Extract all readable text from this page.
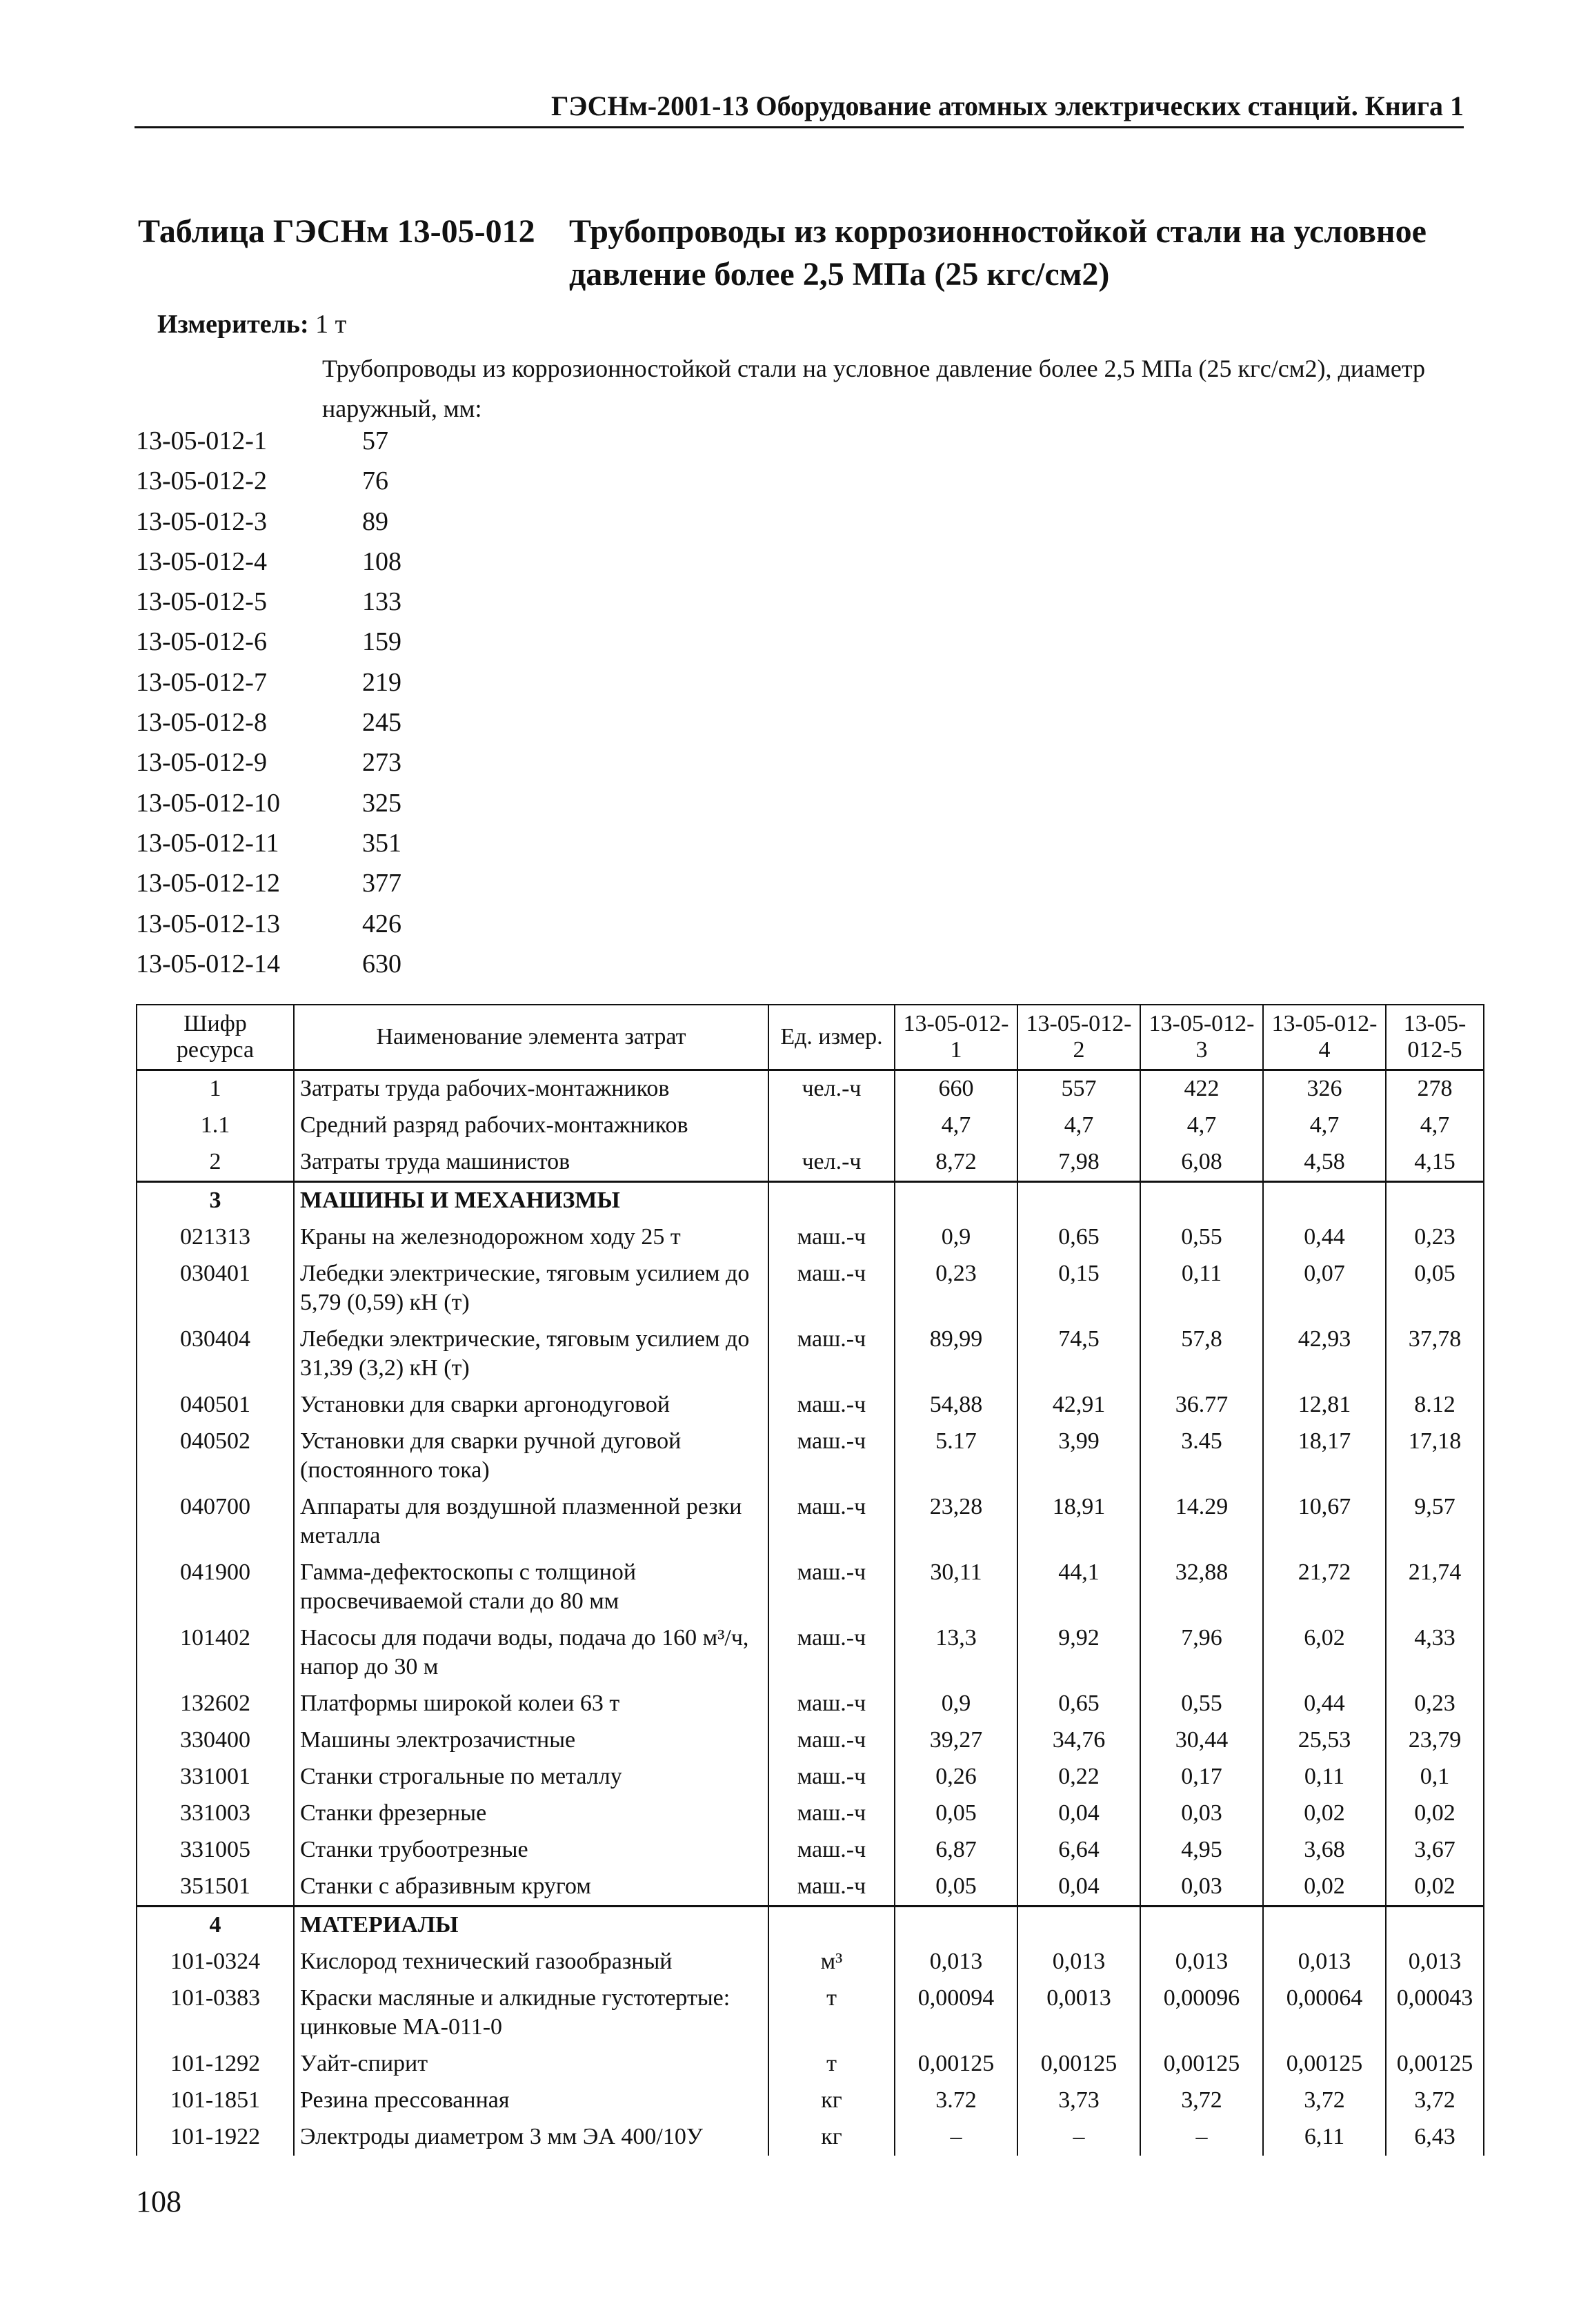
ГЭСНм-2001-13 Оборудование атомных электрических станций. Книга 1
Таблица ГЭСНм 13-05-012 Трубопроводы из коррозионностойкой стали на условное давление более 2,5 МПа (25 кгс/см2)
Измеритель: 1 т
Трубопроводы из коррозионностойкой стали на условное давление более 2,5 МПа (25 кгс/см2), диаметр наружный, мм:
13-05-012-1	57
13-05-012-2	76
13-05-012-3	89
13-05-012-4	108
13-05-012-5	133
13-05-012-6	159
13-05-012-7	219
13-05-012-8	245
13-05-012-9	273
13-05-012-10	325
13-05-012-11	351
13-05-012-12	377
13-05-012-13	426
13-05-012-14	630
Шифр ресурса	Наименование элемента затрат	Ед. измер.	13-05-012-1	13-05-012-2	13-05-012-3	13-05-012-4	13-05-012-5
1	Затраты труда рабочих-монтажников	чел.-ч	660	557	422	326	278
1.1	Средний разряд рабочих-монтажников		4,7	4,7	4,7	4,7	4,7
2	Затраты труда машинистов	чел.-ч	8,72	7,98	6,08	4,58	4,15
3	МАШИНЫ И МЕХАНИЗМЫ						
021313	Краны на железнодорожном ходу 25 т	маш.-ч	0,9	0,65	0,55	0,44	0,23
030401	Лебедки электрические, тяговым усилием до 5,79 (0,59) кН (т)	маш.-ч	0,23	0,15	0,11	0,07	0,05
030404	Лебедки электрические, тяговым усилием до 31,39 (3,2) кН (т)	маш.-ч	89,99	74,5	57,8	42,93	37,78
040501	Установки для сварки аргонодуговой	маш.-ч	54,88	42,91	36.77	12,81	8.12
040502	Установки для сварки ручной дуговой (постоянного тока)	маш.-ч	5.17	3,99	3.45	18,17	17,18
040700	Аппараты для воздушной плазменной резки металла	маш.-ч	23,28	18,91	14.29	10,67	9,57
041900	Гамма-дефектоскопы с толщиной просвечиваемой стали до 80 мм	маш.-ч	30,11	44,1	32,88	21,72	21,74
101402	Насосы для подачи воды, подача до 160 м³/ч, напор до 30 м	маш.-ч	13,3	9,92	7,96	6,02	4,33
132602	Платформы широкой колеи 63 т	маш.-ч	0,9	0,65	0,55	0,44	0,23
330400	Машины электрозачистные	маш.-ч	39,27	34,76	30,44	25,53	23,79
331001	Станки строгальные по металлу	маш.-ч	0,26	0,22	0,17	0,11	0,1
331003	Станки фрезерные	маш.-ч	0,05	0,04	0,03	0,02	0,02
331005	Станки трубоотрезные	маш.-ч	6,87	6,64	4,95	3,68	3,67
351501	Станки с абразивным кругом	маш.-ч	0,05	0,04	0,03	0,02	0,02
4	МАТЕРИАЛЫ						
101-0324	Кислород технический газообразный	м³	0,013	0,013	0,013	0,013	0,013
101-0383	Краски масляные и алкидные густотертые: цинковые МА-011-0	т	0,00094	0,0013	0,00096	0,00064	0,00043
101-1292	Уайт-спирит	т	0,00125	0,00125	0,00125	0,00125	0,00125
101-1851	Резина прессованная	кг	3.72	3,73	3,72	3,72	3,72
101-1922	Электроды диаметром 3 мм ЭА 400/10У	кг	–	–	–	6,11	6,43
108
